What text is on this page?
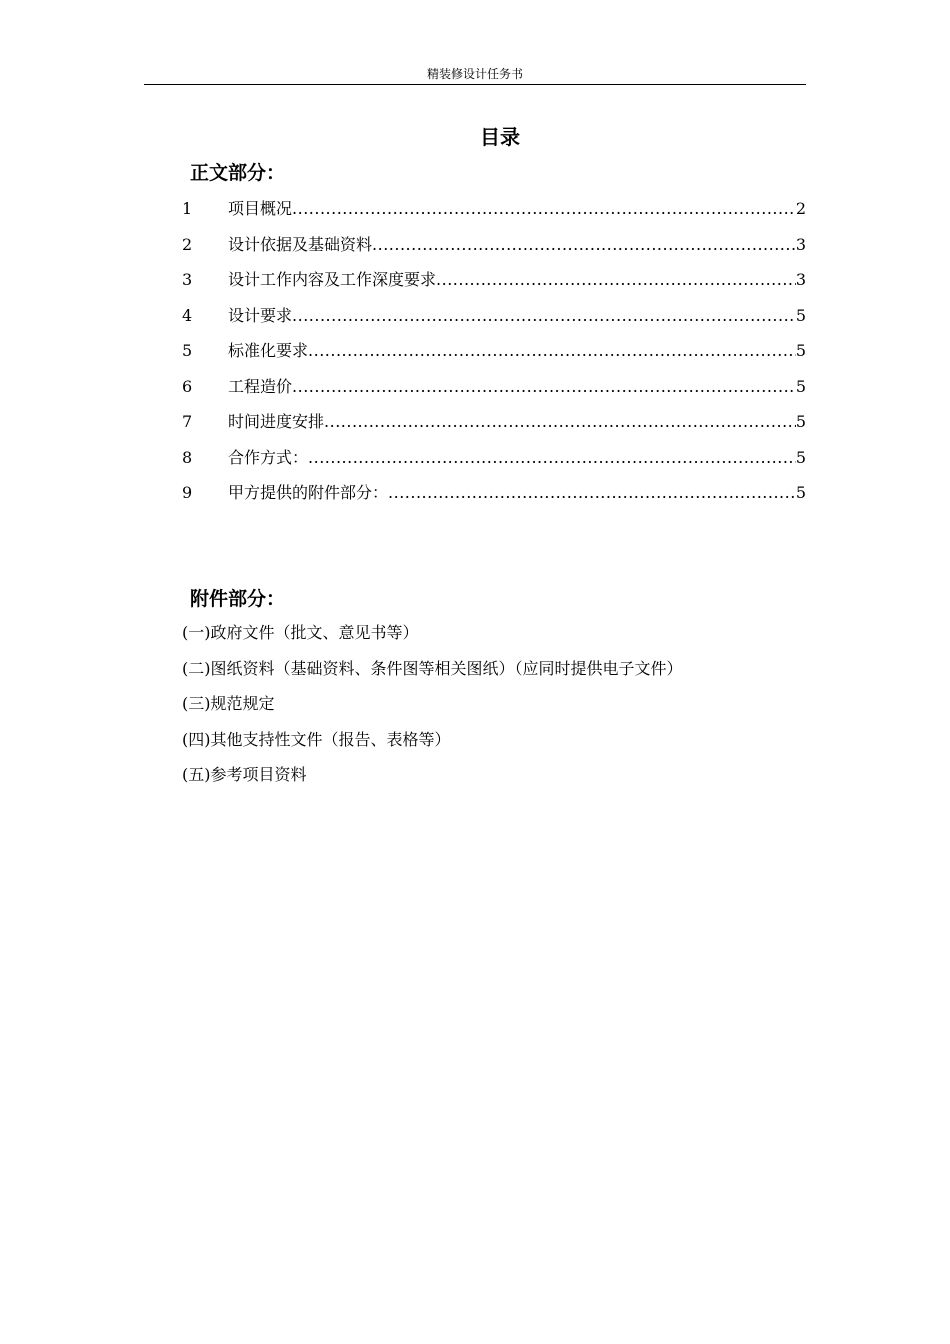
精装修设计任务书
目录
正文部分：
1	项目概况 .....	2
2	设计依据及基础资料 .....	3
3	设计工作内容及工作深度要求 .....	3
4	设计要求 .....	5
5	标准化要求 .....	5
6	工程造价 .....	5
7	时间进度安排 .....	5
8	合作方式： .....	5
9	甲方提供的附件部分： .....	5
附件部分：
(一)政府文件（批文、意见书等）
(二)图纸资料（基础资料、条件图等相关图纸）（应同时提供电子文件）
(三)规范规定
(四)其他支持性文件（报告、表格等）
(五)参考项目资料
